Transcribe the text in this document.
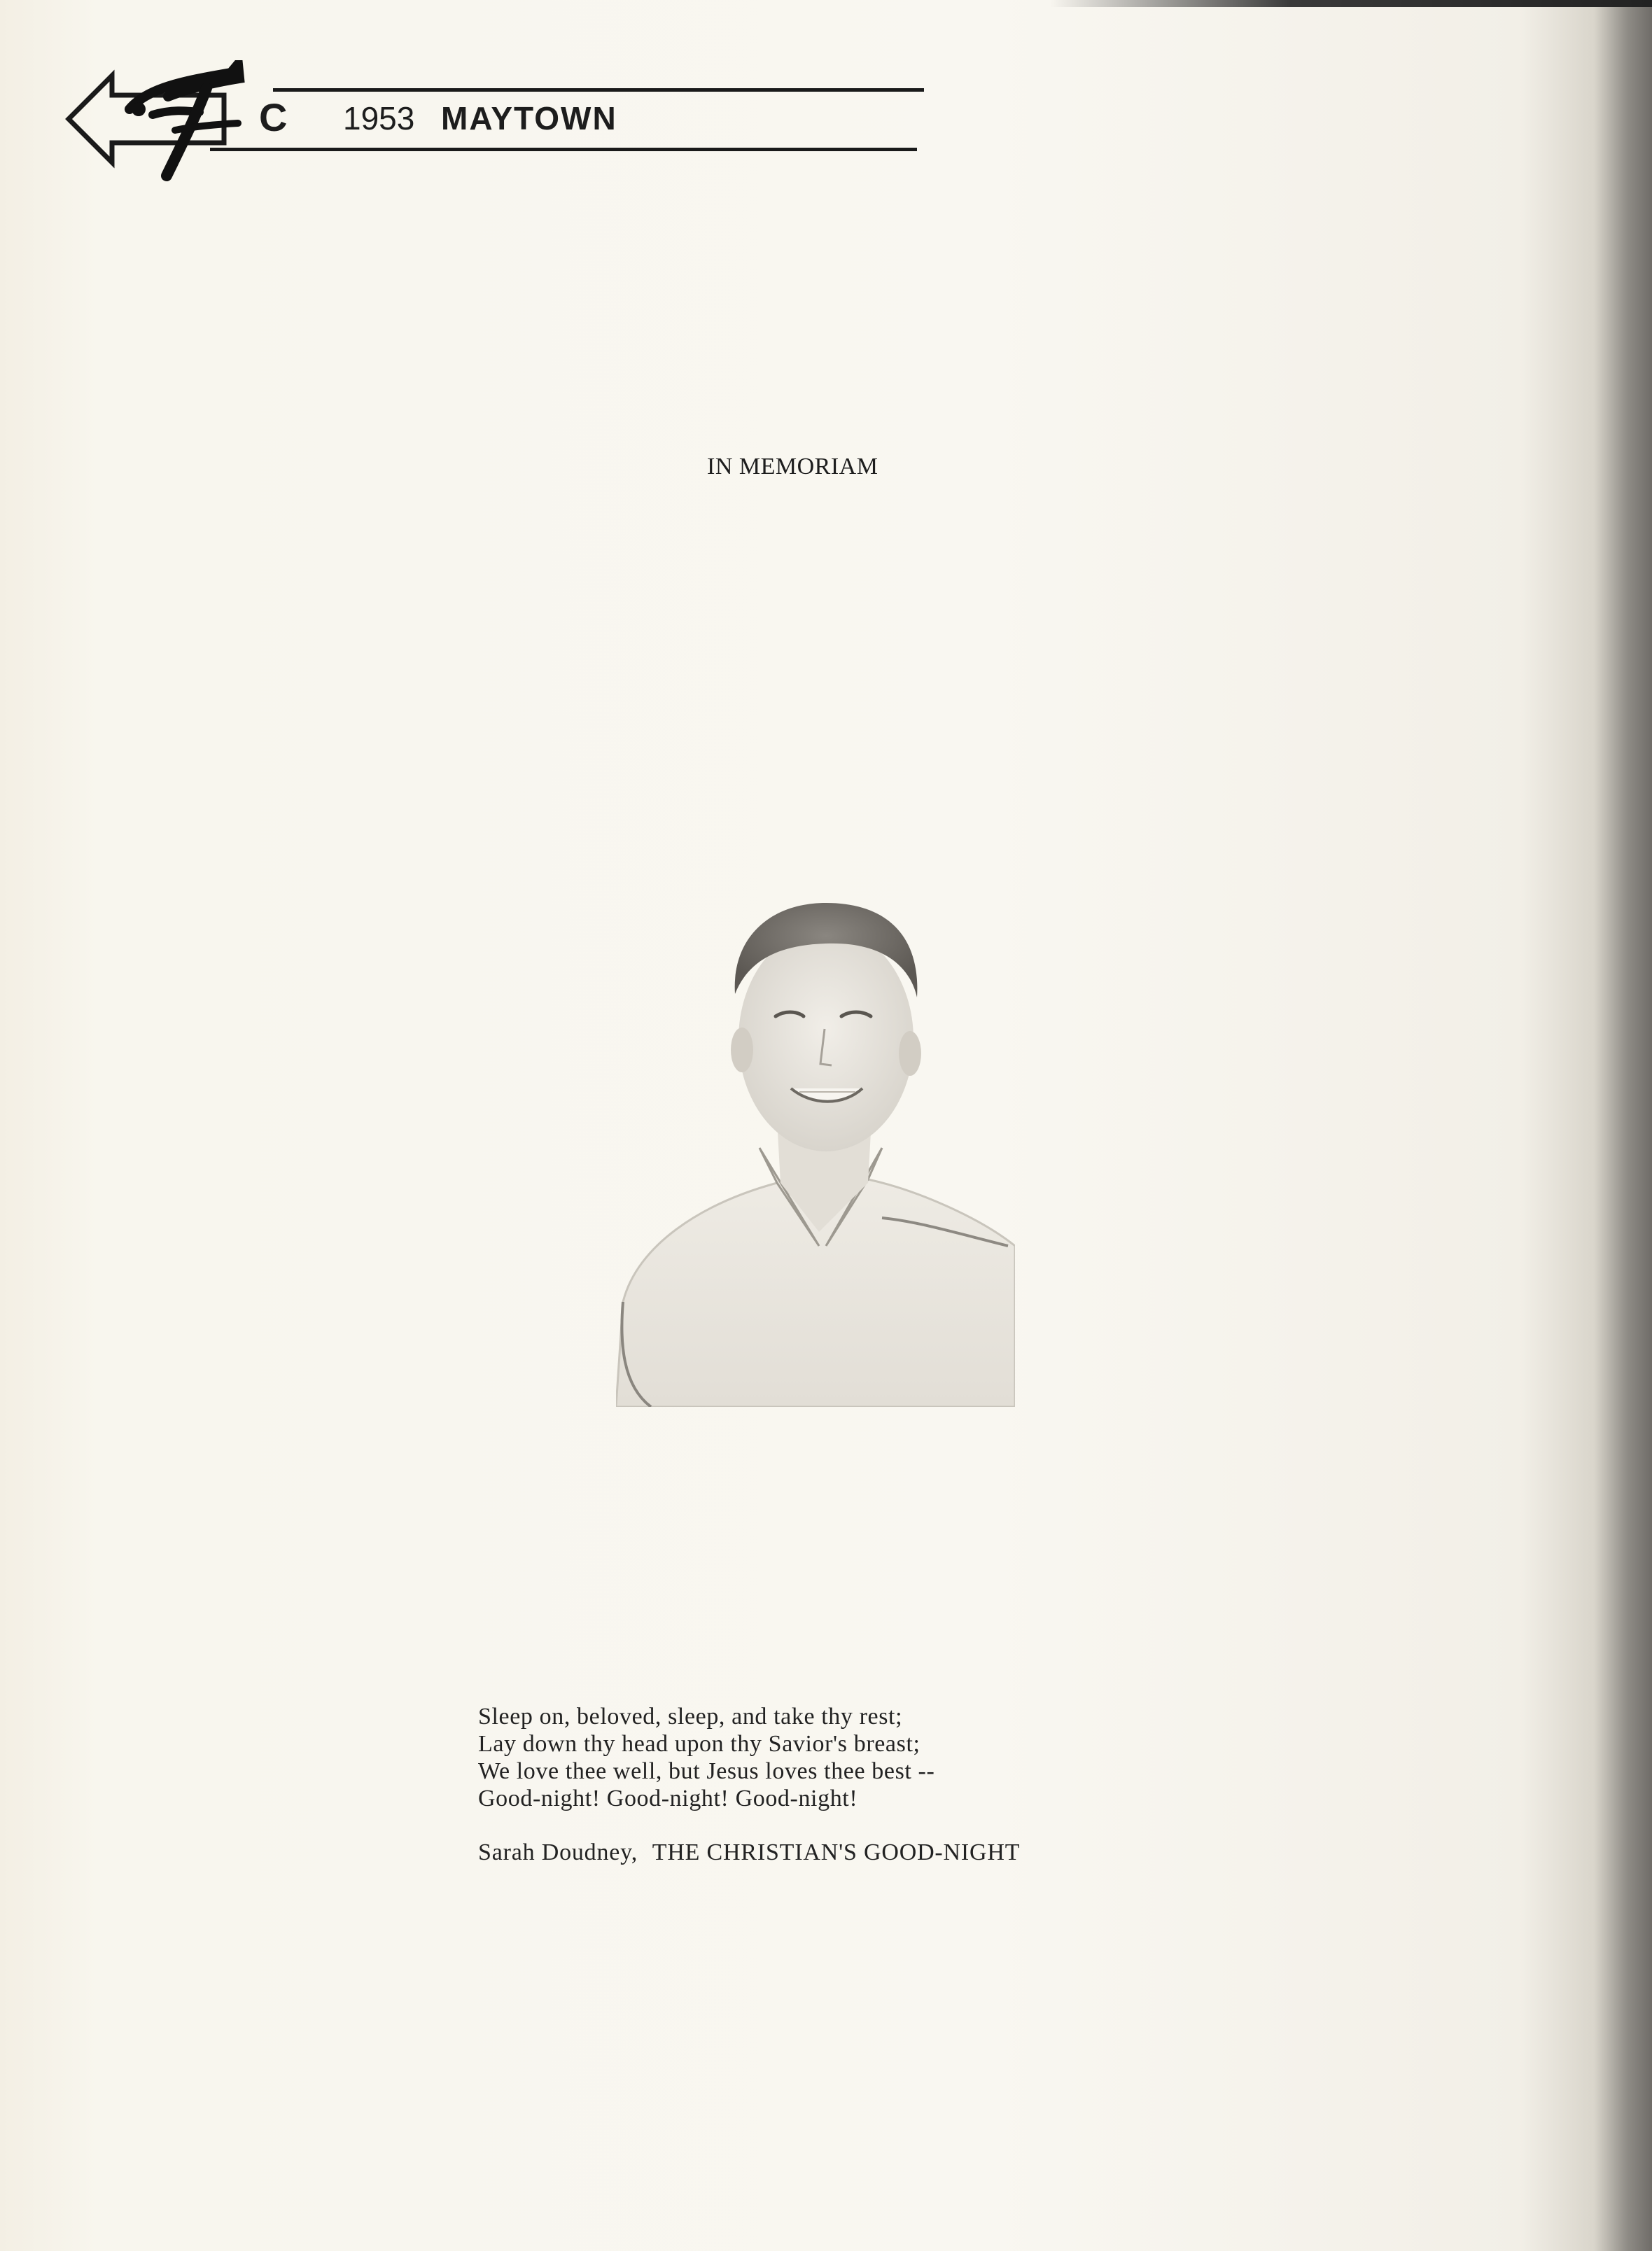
C 1953 MAYTOWN
IN MEMORIAM
Sleep on, beloved, sleep, and take thy rest;
Lay down thy head upon thy Savior's breast;
We love thee well, but Jesus loves thee best --
Good-night! Good-night! Good-night!
Sarah Doudney, THE CHRISTIAN'S GOOD-NIGHT
